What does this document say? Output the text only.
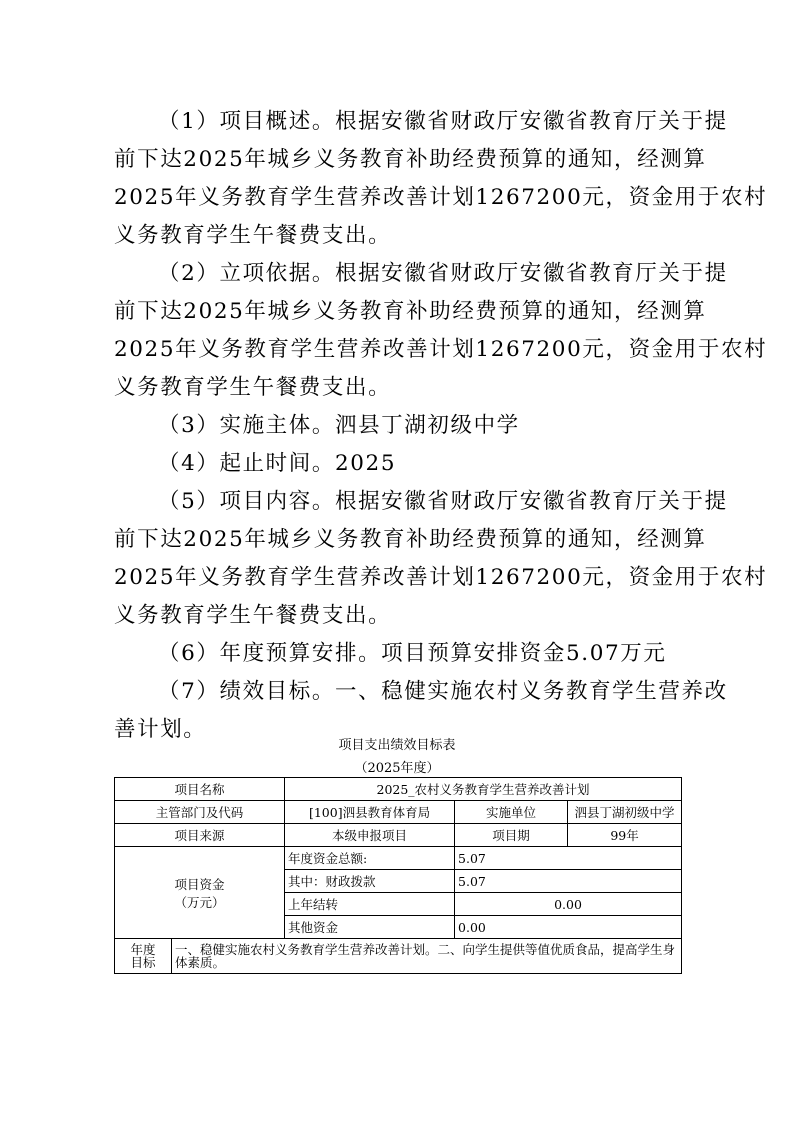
（1）项目概述。根据安徽省财政厅安徽省教育厅关于提
前下达2025年城乡义务教育补助经费预算的通知，经测算
2025年义务教育学生营养改善计划1267200元，资金用于农村
义务教育学生午餐费支出。

（2）立项依据。根据安徽省财政厅安徽省教育厅关于提
前下达2025年城乡义务教育补助经费预算的通知，经测算
2025年义务教育学生营养改善计划1267200元，资金用于农村
义务教育学生午餐费支出。

（3）实施主体。泗县丁湖初级中学

（4）起止时间。2025

（5）项目内容。根据安徽省财政厅安徽省教育厅关于提
前下达2025年城乡义务教育补助经费预算的通知，经测算
2025年义务教育学生营养改善计划1267200元，资金用于农村
义务教育学生午餐费支出。

（6）年度预算安排。项目预算安排资金5.07万元

（7）绩效目标。一、稳健实施农村义务教育学生营养改
善计划。

项目支出绩效目标表
（2025年度）
项目名称		2025_农村义务教育学生营养改善计划		
主管部门及代码		[100]泗县教育体育局	实施单位	泗县丁湖初级中学
项目来源		本级申报项目	项目期	99年

项目资金
（万元）		年度资金总额:	5.07	
		其中：财政拨款	5.07	
		上年结转	0.00	
		其他资金	0.00	

年度
目标	一、稳健实施农村义务教育学生营养改善计划。二、向学生提供等值优质食品，提高学生身体素质。			
